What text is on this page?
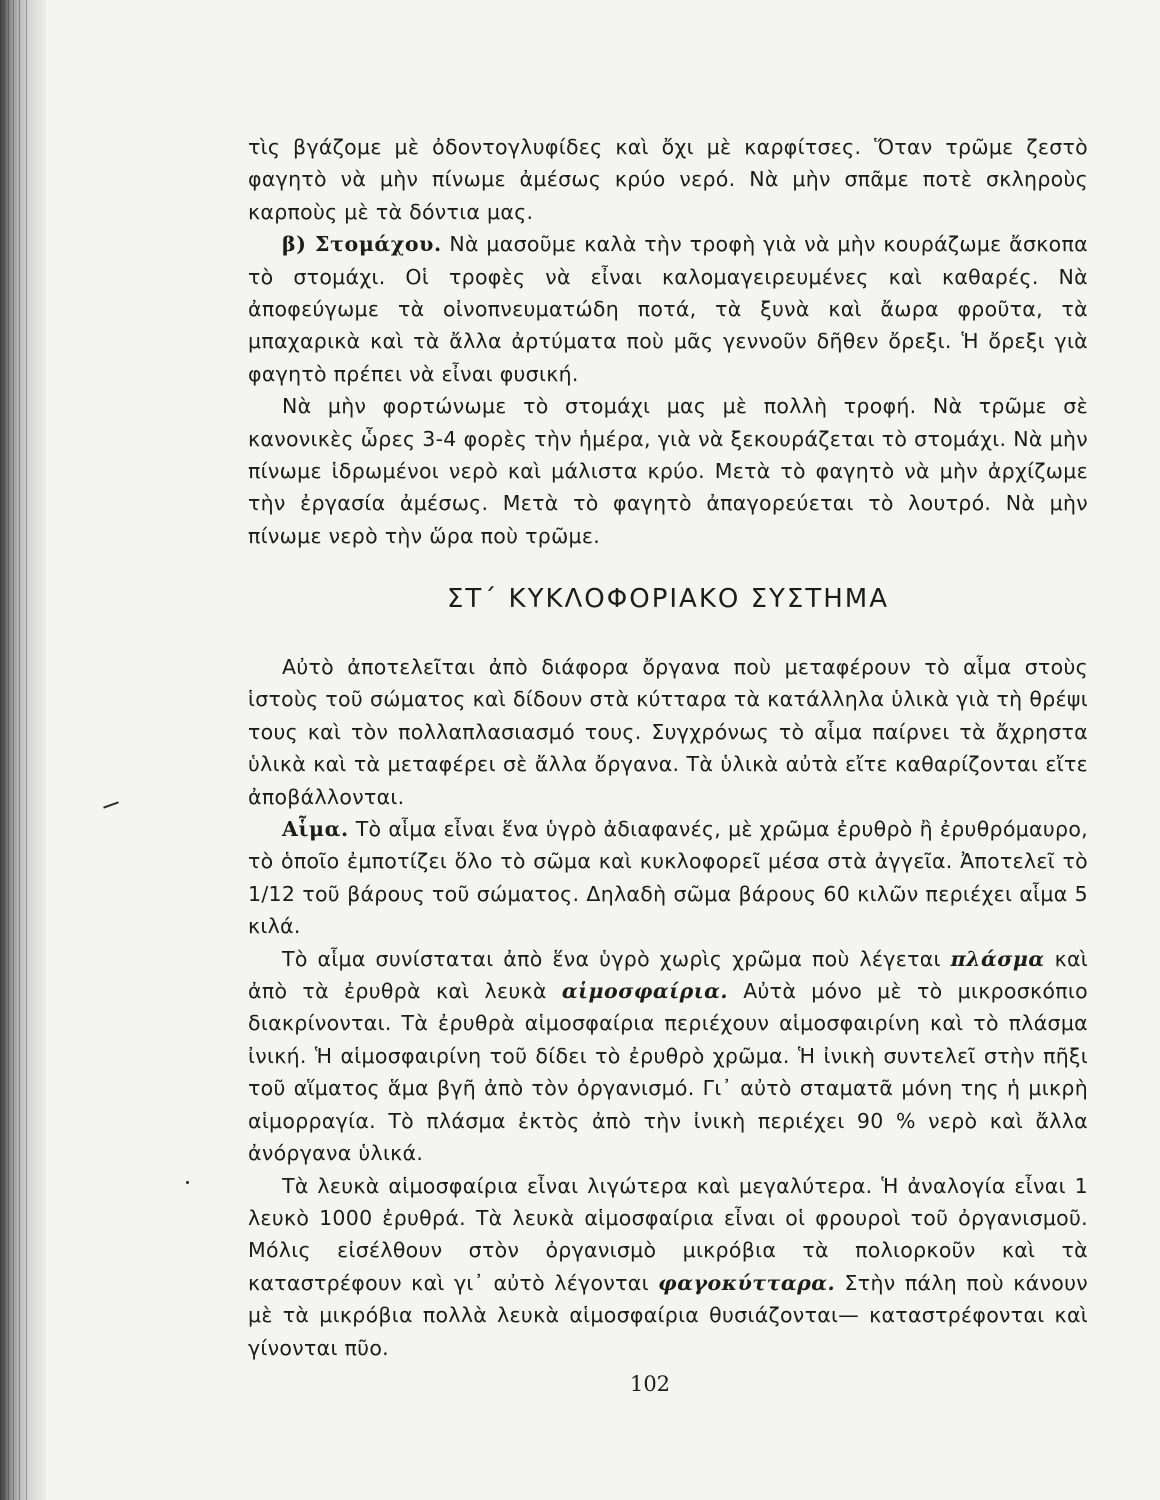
τὶς βγάζομε μὲ ὀδοντογλυφίδες καὶ ὄχι μὲ καρφίτσες. Ὅταν τρῶμε ζεστὸ φαγητὸ νὰ μὴν πίνωμε ἀμέσως κρύο νερό. Νὰ μὴν σπᾶμε ποτὲ σκληροὺς καρποὺς μὲ τὰ δόντια μας.

β) Στομάχου. Νὰ μασοῦμε καλὰ τὴν τροφὴ γιὰ νὰ μὴν κουράζωμε ἄσκοπα τὸ στομάχι. Οἱ τροφὲς νὰ εἶναι καλομαγειρευμένες καὶ καθαρές. Νὰ ἀποφεύγωμε τὰ οἰνοπνευματώδη ποτά, τὰ ξυνὰ καὶ ἄωρα φροῦτα, τὰ μπαχαρικὰ καὶ τὰ ἄλλα ἀρτύματα ποὺ μᾶς γεννοῦν δῆθεν ὄρεξι. Ἡ ὄρεξι γιὰ φαγητὸ πρέπει νὰ εἶναι φυσική.

Νὰ μὴν φορτώνωμε τὸ στομάχι μας μὲ πολλὴ τροφή. Νὰ τρῶμε σὲ κανονικὲς ὧρες 3-4 φορὲς τὴν ἡμέρα, γιὰ νὰ ξεκουράζεται τὸ στομάχι. Νὰ μὴν πίνωμε ἱδρωμένοι νερὸ καὶ μάλιστα κρύο. Μετὰ τὸ φαγητὸ νὰ μὴν ἀρχίζωμε τὴν ἐργασία ἀμέσως. Μετὰ τὸ φαγητὸ ἀπαγορεύεται τὸ λουτρό. Νὰ μὴν πίνωμε νερὸ τὴν ὥρα ποὺ τρῶμε.

ΣΤ΄ ΚΥΚΛΟΦΟΡΙΑΚΟ ΣΥΣΤΗΜΑ

Αὐτὸ ἀποτελεῖται ἀπὸ διάφορα ὄργανα ποὺ μεταφέρουν τὸ αἷμα στοὺς ἱστοὺς τοῦ σώματος καὶ δίδουν στὰ κύτταρα τὰ κατάλληλα ὑλικὰ γιὰ τὴ θρέψι τους καὶ τὸν πολλαπλασιασμό τους. Συγχρόνως τὸ αἷμα παίρνει τὰ ἄχρηστα ὑλικὰ καὶ τὰ μεταφέρει σὲ ἄλλα ὄργανα. Τὰ ὑλικὰ αὐτὰ εἴτε καθαρίζονται εἴτε ἀποβάλλονται.

Αἷμα. Τὸ αἷμα εἶναι ἕνα ὑγρὸ ἀδιαφανές, μὲ χρῶμα ἐρυθρὸ ἢ ἐρυθρόμαυρο, τὸ ὁποῖο ἐμποτίζει ὅλο τὸ σῶμα καὶ κυκλοφορεῖ μέσα στὰ ἀγγεῖα. Ἀποτελεῖ τὸ 1/12 τοῦ βάρους τοῦ σώματος. Δηλαδὴ σῶμα βάρους 60 κιλῶν περιέχει αἷμα 5 κιλά.

Τὸ αἷμα συνίσταται ἀπὸ ἕνα ὑγρὸ χωρὶς χρῶμα ποὺ λέγεται πλάσμα καὶ ἀπὸ τὰ ἐρυθρὰ καὶ λευκὰ αἱμοσφαίρια. Αὐτὰ μόνο μὲ τὸ μικροσκόπιο διακρίνονται. Τὰ ἐρυθρὰ αἱμοσφαίρια περιέχουν αἱμοσφαιρίνη καὶ τὸ πλάσμα ἰνική. Ἡ αἱμοσφαιρίνη τοῦ δίδει τὸ ἐρυθρὸ χρῶμα. Ἡ ἰνικὴ συντελεῖ στὴν πῆξι τοῦ αἵματος ἅμα βγῆ ἀπὸ τὸν ὀργανισμό. Γι᾽ αὐτὸ σταματᾶ μόνη της ἡ μικρὴ αἱμορραγία. Τὸ πλάσμα ἐκτὸς ἀπὸ τὴν ἰνικὴ περιέχει 90 % νερὸ καὶ ἄλλα ἀνόργανα ὑλικά.

Τὰ λευκὰ αἱμοσφαίρια εἶναι λιγώτερα καὶ μεγαλύτερα. Ἡ ἀναλογία εἶναι 1 λευκὸ 1000 ἐρυθρά. Τὰ λευκὰ αἱμοσφαίρια εἶναι οἱ φρουροὶ τοῦ ὀργανισμοῦ. Μόλις εἰσέλθουν στὸν ὀργανισμὸ μικρόβια τὰ πολιορκοῦν καὶ τὰ καταστρέφουν καὶ γι᾽ αὐτὸ λέγονται φαγοκύτταρα. Στὴν πάλη ποὺ κάνουν μὲ τὰ μικρόβια πολλὰ λευκὰ αἱμοσφαίρια θυσιάζονται— καταστρέφονται καὶ γίνονται πῦο.

102
